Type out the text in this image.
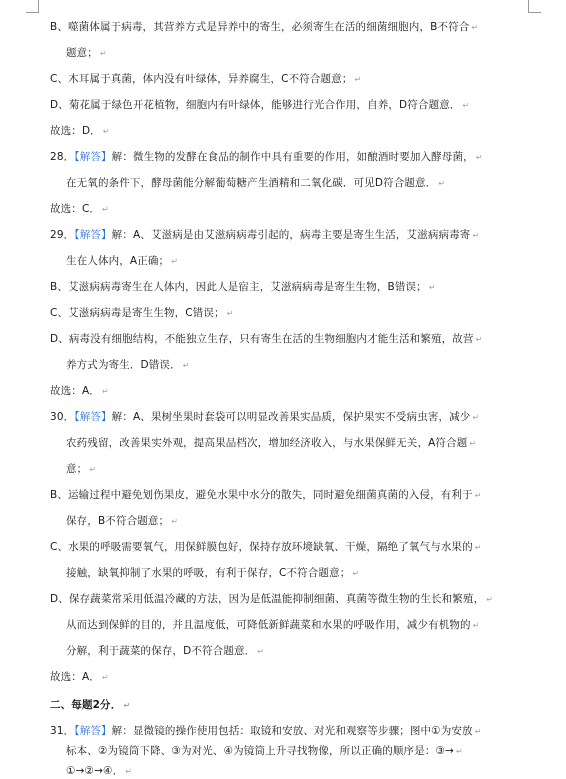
B、噬菌体属于病毒，其营养方式是异养中的寄生，必须寄生在活的细菌细胞内，B不符合 ↵
题意； ↵
C、木耳属于真菌，体内没有叶绿体，异养腐生，C不符合题意； ↵
D、菊花属于绿色开花植物，细胞内有叶绿体，能够进行光合作用，自养，D符合题意． ↵
故选：D． ↵
28．【解答】解：微生物的发酵在食品的制作中具有重要的作用，如酿酒时要加入酵母菌， ↵
在无氧的条件下，酵母菌能分解葡萄糖产生酒精和二氧化碳．可见D符合题意． ↵
故选：C． ↵
29．【解答】解：A、艾滋病是由艾滋病病毒引起的，病毒主要是寄生生活，艾滋病病毒寄 ↵
生在人体内，A正确； ↵
B、艾滋病病毒寄生在人体内，因此人是宿主，艾滋病病毒是寄生生物，B错误； ↵
C、艾滋病病毒是寄生生物，C错误； ↵
D、病毒没有细胞结构，不能独立生存，只有寄生在活的生物细胞内才能生活和繁殖，故营 ↵
养方式为寄生．D错误． ↵
故选：A． ↵
30．【解答】解：A、果树坐果时套袋可以明显改善果实品质，保护果实不受病虫害，减少 ↵
农药残留，改善果实外观，提高果品档次，增加经济收入，与水果保鲜无关，A符合题 ↵
意； ↵
B、运输过程中避免划伤果皮，避免水果中水分的散失，同时避免细菌真菌的入侵，有利于 ↵
保存，B不符合题意； ↵
C、水果的呼吸需要氧气，用保鲜膜包好，保持存放环境缺氧、干燥，隔绝了氧气与水果的 ↵
接触，缺氧抑制了水果的呼吸，有利于保存，C不符合题意； ↵
D、保存蔬菜常采用低温冷藏的方法，因为是低温能抑制细菌、真菌等微生物的生长和繁殖， ↵
从而达到保鲜的目的，并且温度低，可降低新鲜蔬菜和水果的呼吸作用，减少有机物的 ↵
分解，利于蔬菜的保存，D不符合题意． ↵
故选：A． ↵
二、每题2分． ↵
31．【解答】解：显微镜的操作使用包括：取镜和安放、对光和观察等步骤；图中①为安放 ↵
标本、②为镜筒下降、③为对光、④为镜筒上升寻找物像，所以正确的顺序是：③→ ↵
①→②→④． ↵
